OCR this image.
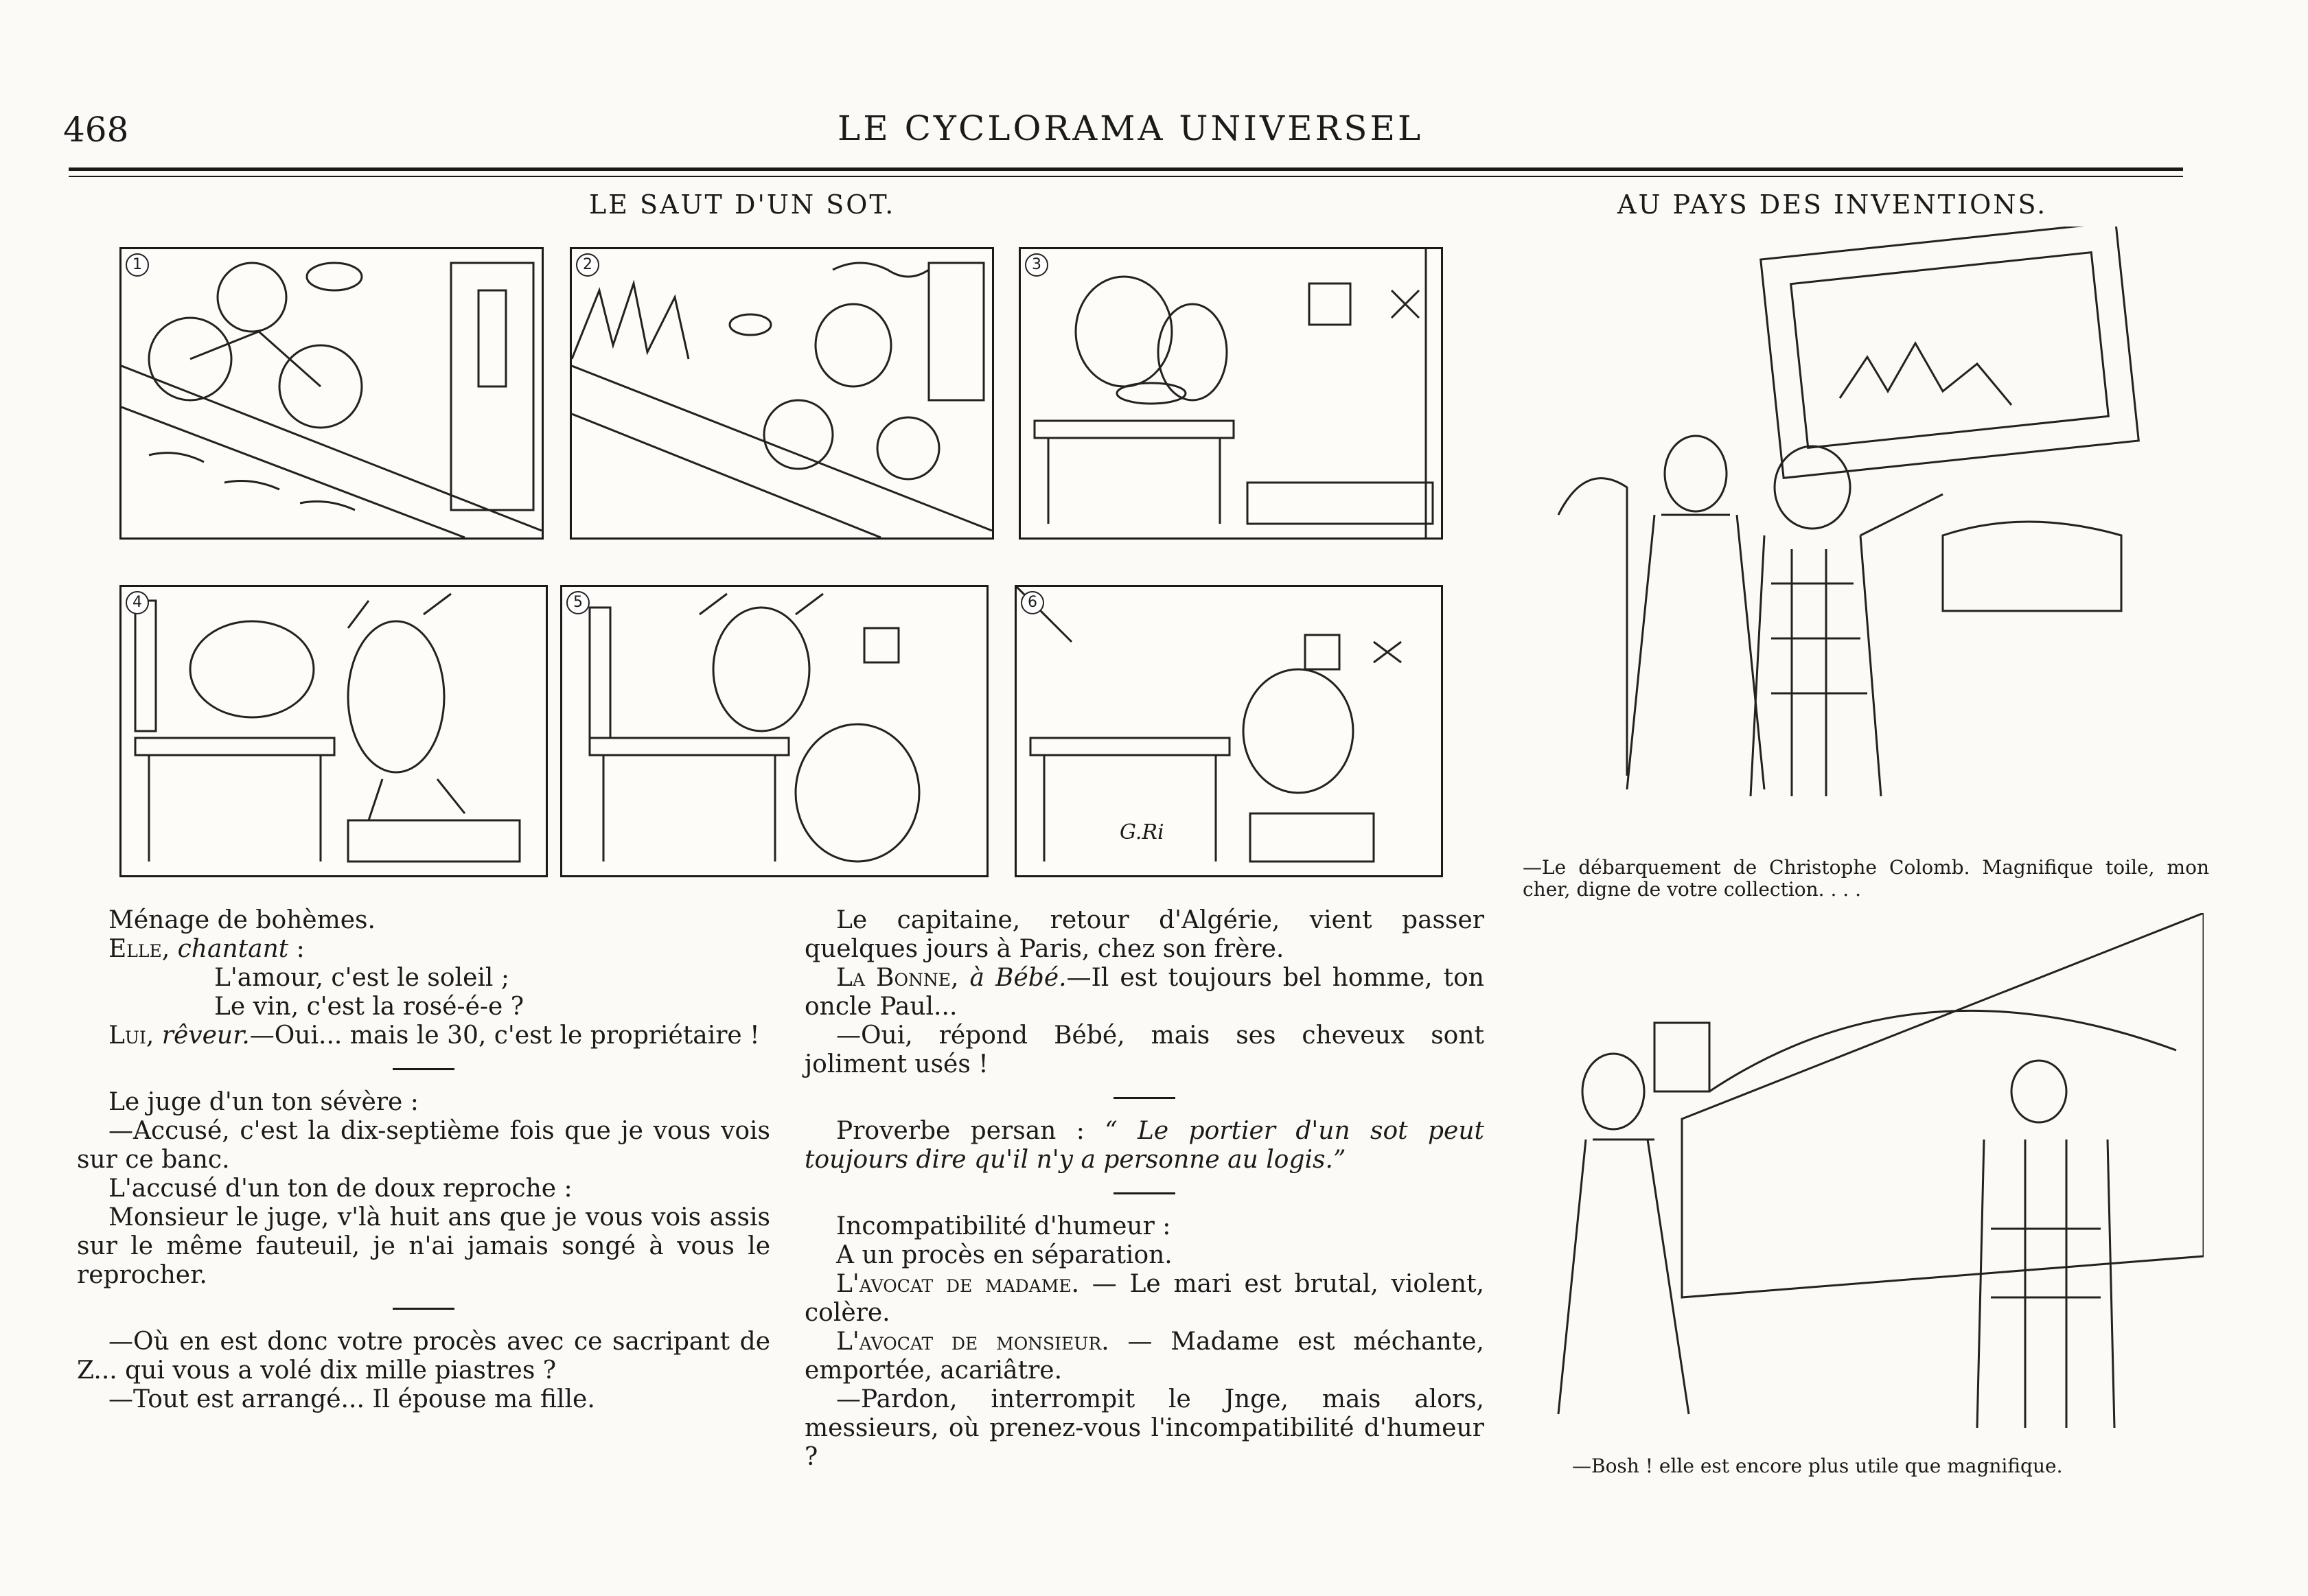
468	LE CYCLORAMA UNIVERSEL
LE SAUT D'UN SOT.
1	2	3
4	5	6
G.Ri
AU PAYS DES INVENTIONS.
—Le débarquement de Christophe Colomb. Magnifique toile, mon cher, digne de votre collection. . . .
—Bosh ! elle est encore plus utile que magnifique.

Ménage de bohèmes.

Elle, chantant :

L'amour, c'est le soleil ;

Le vin, c'est la rosé-é-e ?

Lui, rêveur.—Oui... mais le 30, c'est le propriétaire !

Le juge d'un ton sévère :

—Accusé, c'est la dix-septième fois que je vous vois sur ce banc.

L'accusé d'un ton de doux reproche :

Monsieur le juge, v'là huit ans que je vous vois assis sur le même fauteuil, je n'ai jamais songé à vous le reprocher.

—Où en est donc votre procès avec ce sacripant de Z... qui vous a volé dix mille piastres ?

—Tout est arrangé... Il épouse ma fille.

Le capitaine, retour d'Algérie, vient passer quelques jours à Paris, chez son frère.

La Bonne, à Bébé.—Il est toujours bel homme, ton oncle Paul...

—Oui, répond Bébé, mais ses cheveux sont joliment usés !

Proverbe persan : “ Le portier d'un sot peut toujours dire qu'il n'y a personne au logis.”

Incompatibilité d'humeur :

A un procès en séparation.

L'avocat de madame. — Le mari est brutal, violent, colère.

L'avocat de monsieur. — Madame est méchante, emportée, acariâtre.

—Pardon, interrompit le Jnge, mais alors, messieurs, où prenez-vous l'incompatibilité d'humeur ?
